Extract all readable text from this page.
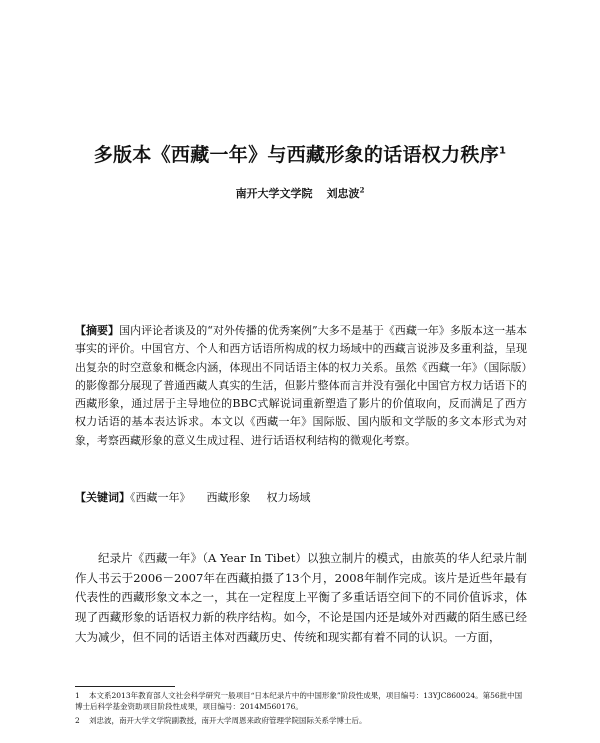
多版本《西藏一年》与西藏形象的话语权力秩序$^1$
南开大学文学院 刘忠波$^2$
【摘要】国内评论者谈及的“对外传播的优秀案例”大多不是基于《西藏一年》多版本这一基本事实的评价。中国官方、个人和西方话语所构成的权力场域中的西藏言说涉及多重利益，呈现出复杂的时空意象和概念内涵，体现出不同话语主体的权力关系。虽然《西藏一年》（国际版）的影像都分展现了普通西藏人真实的生活，但影片整体而言并没有强化中国官方权力话语下的西藏形象，通过居于主导地位的BBC式解说词重新塑造了影片的价值取向，反而满足了西方权力话语的基本表达诉求。本文以《西藏一年》国际版、国内版和文学版的多文本形式为对象，考察西藏形象的意义生成过程、进行话语权利结构的微观化考察。
【关键词】《西藏一年》 西藏形象 权力场域
纪录片《西藏一年》（A Year In Tibet）以独立制片的模式，由旅英的华人纪录片制作人书云于2006－2007年在西藏拍摄了13个月，2008年制作完成。该片是近些年最有代表性的西藏形象文本之一，其在一定程度上平衡了多重话语空间下的不同价值诉求，体现了西藏形象的话语权力新的秩序结构。如今，不论是国内还是域外对西藏的陌生感已经大为减少，但不同的话语主体对西藏历史、传统和现实都有着不同的认识。一方面，
1 本文系2013年教育部人文社会科学研究一般项目“日本纪录片中的中国形象”阶段性成果，项目编号：13YJC860024。第56批中国博士后科学基金资助项目阶段性成果，项目编号：2014M560176。
2 刘忠波，南开大学文学院副教授，南开大学周恩来政府管理学院国际关系学博士后。
